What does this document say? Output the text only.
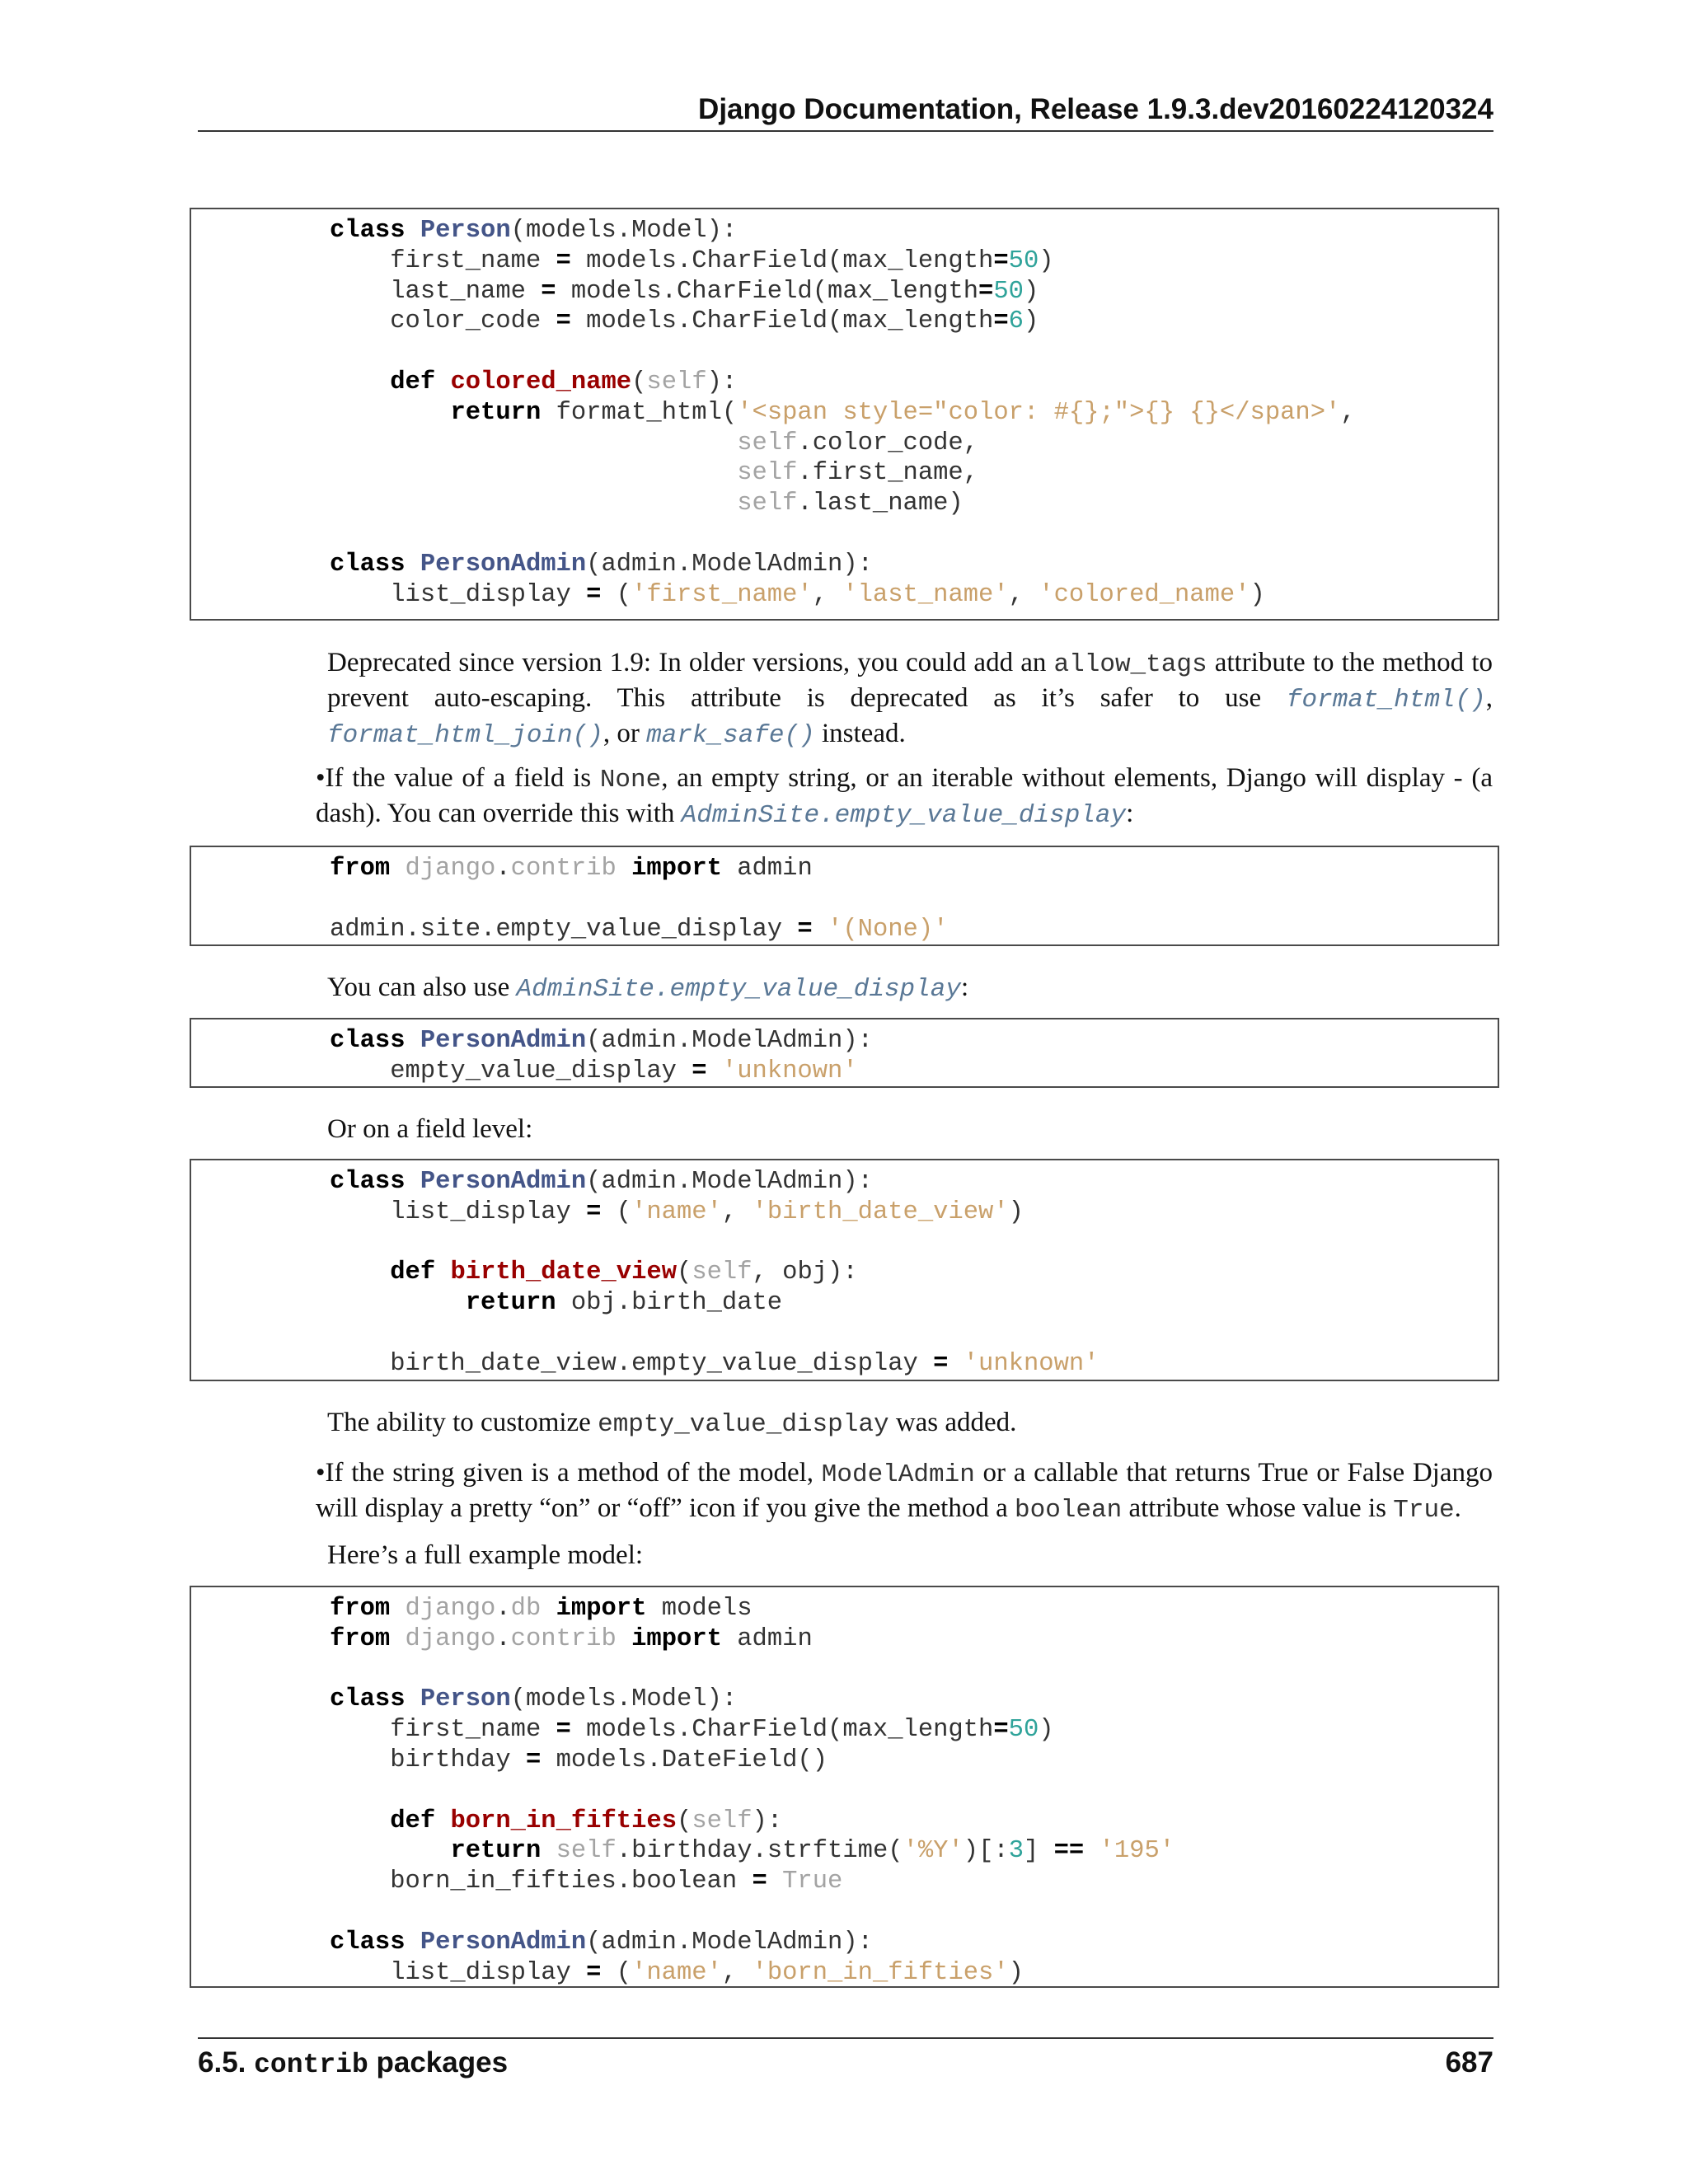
Django Documentation, Release 1.9.3.dev20160224120324
class Person(models.Model):
first_name = models.CharField(max_length=50)
last_name = models.CharField(max_length=50)
color_code = models.CharField(max_length=6)

def colored_name(self):
return format_html('<span style="color: #{};">{} {}</span>',
self.color_code,
self.first_name,
self.last_name)

class PersonAdmin(admin.ModelAdmin):
list_display = ('first_name', 'last_name', 'colored_name')

Deprecated since version 1.9: In older versions, you could add an allow_tags attribute to the method to prevent auto-escaping. This attribute is deprecated as it’s safer to use format_html(), format_html_join(), or mark_safe() instead.

•If the value of a field is None, an empty string, or an iterable without elements, Django will display - (a dash). You can override this with AdminSite.empty_value_display:

from django.contrib import admin

admin.site.empty_value_display = '(None)'

You can also use AdminSite.empty_value_display:

class PersonAdmin(admin.ModelAdmin):
empty_value_display = 'unknown'

Or on a field level:

class PersonAdmin(admin.ModelAdmin):
list_display = ('name', 'birth_date_view')

def birth_date_view(self, obj):
return obj.birth_date

birth_date_view.empty_value_display = 'unknown'

The ability to customize empty_value_display was added.

•If the string given is a method of the model, ModelAdmin or a callable that returns True or False Django will display a pretty “on” or “off” icon if you give the method a boolean attribute whose value is True.

Here’s a full example model:

from django.db import models
from django.contrib import admin

class Person(models.Model):
first_name = models.CharField(max_length=50)
birthday = models.DateField()

def born_in_fifties(self):
return self.birthday.strftime('%Y')[:3] == '195'
born_in_fifties.boolean = True

class PersonAdmin(admin.ModelAdmin):
list_display = ('name', 'born_in_fifties')
6.5. contrib packages	687
